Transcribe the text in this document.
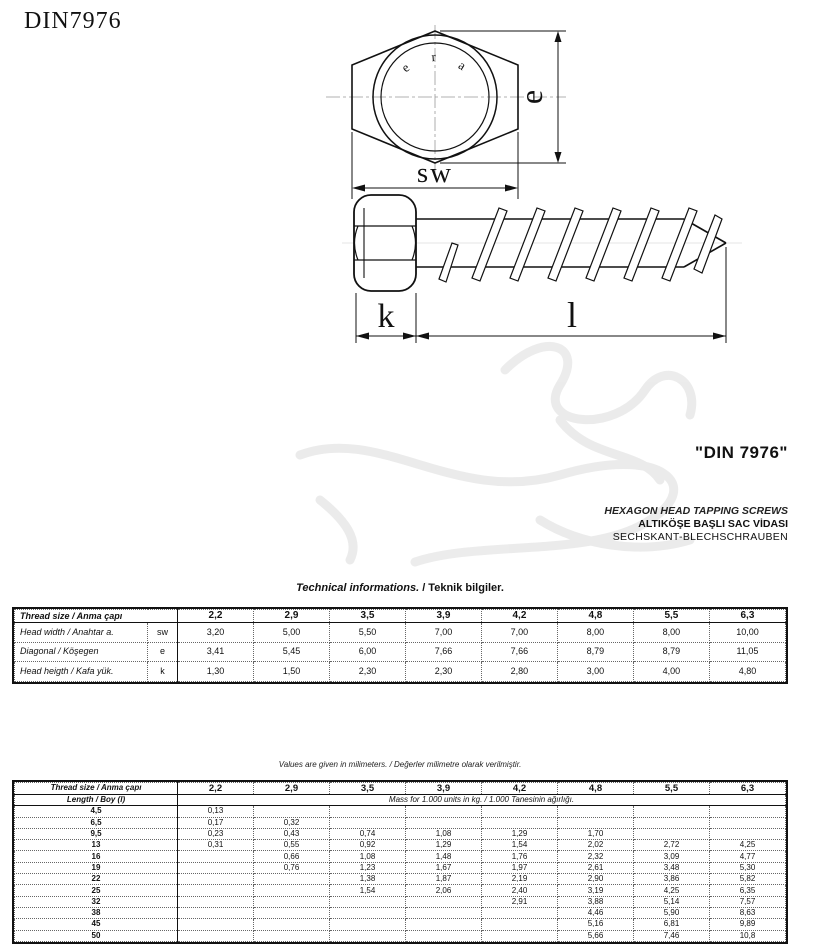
DIN7976
e
r
a
e
sw

k	l
"DIN 7976"
HEXAGON HEAD TAPPING SCREWS
ALTIKÖŞE BAŞLI SAC VİDASI
SECHSKANT-BLECHSCHRAUBEN
Technical informations. / Teknik bilgiler.
Thread size / Anma çapı		2,2	2,9	3,5	3,9	4,2	4,8	5,5	6,3
Head width / Anahtar a.	sw	3,20	5,00	5,50	7,00	7,00	8,00	8,00	10,00
Diagonal / Köşegen	e	3,41	5,45	6,00	7,66	7,66	8,79	8,79	11,05
Head heigth / Kafa yük.	k	1,30	1,50	2,30	2,30	2,80	3,00	4,00	4,80
Values are given in milimeters. / Değerler milimetre olarak verilmiştir.
Thread size / Anma çapı	2,2	2,9	3,5	3,9	4,2	4,8	5,5	6,3
Length / Boy (l)	Mass for 1.000 units in kg. / 1.000 Tanesinin ağırlığı.							
4,5	0,13							
6,5	0,17	0,32						
9,5	0,23	0,43	0,74	1,08	1,29	1,70		
13	0,31	0,55	0,92	1,29	1,54	2,02	2,72	4,25
16		0,66	1,08	1,48	1,76	2,32	3,09	4,77
19		0,76	1,23	1,67	1,97	2,61	3,48	5,30
22			1,38	1,87	2,19	2,90	3,86	5,82
25			1,54	2,06	2,40	3,19	4,25	6,35
32					2,91	3,88	5,14	7,57
38						4,46	5,90	8,63
45						5,16	6,81	9,89
50						5,66	7,46	10,8
